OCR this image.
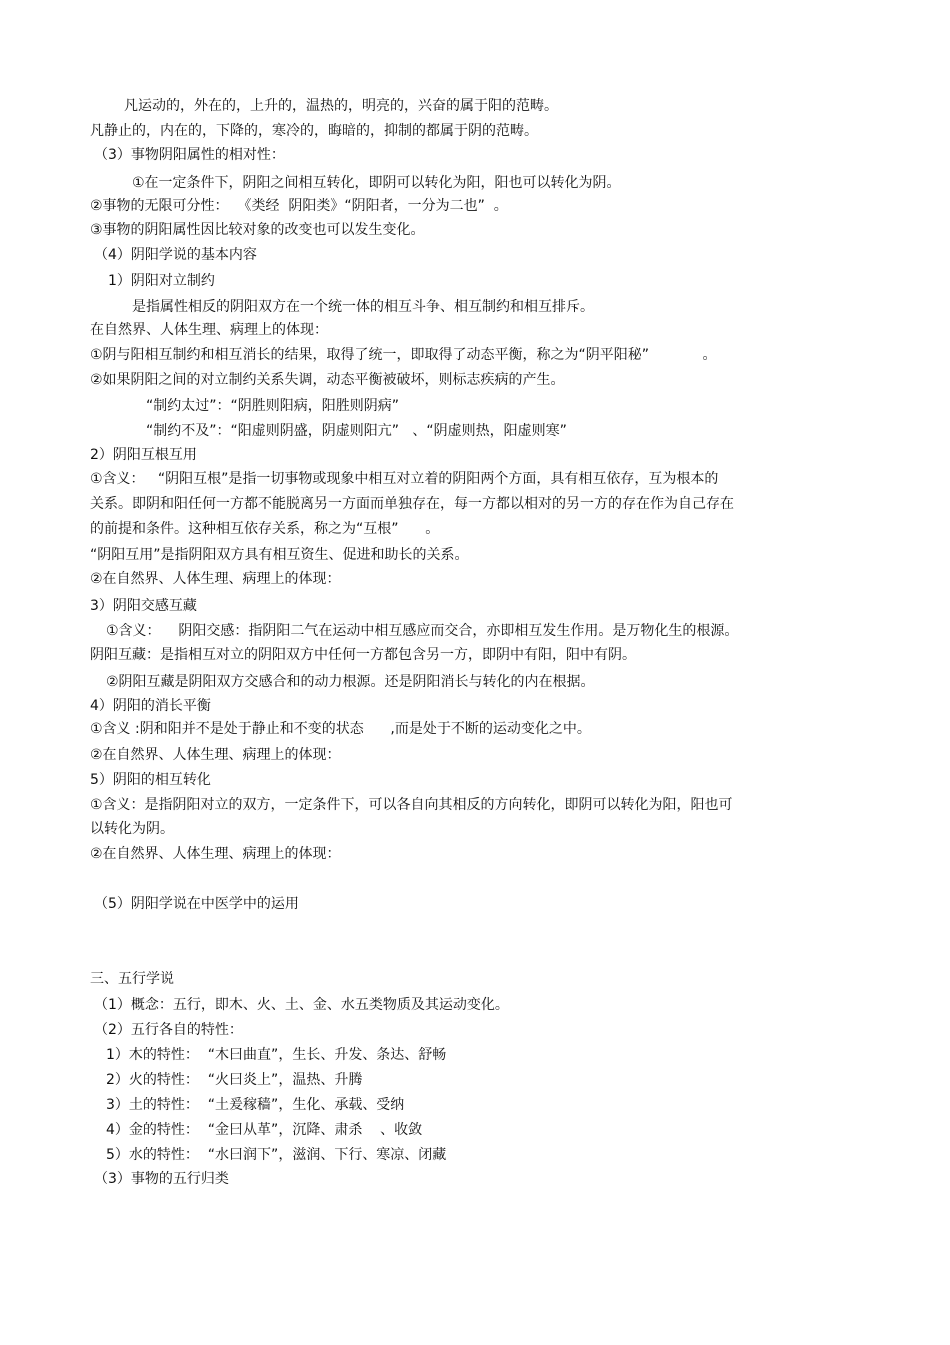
凡运动的，外在的，上升的，温热的，明亮的，兴奋的属于阳的范畴。
凡静止的，内在的，下降的，寒冷的，晦暗的，抑制的都属于阴的范畴。
（3）事物阴阳属性的相对性：
①在一定条件下，阴阳之间相互转化，即阴可以转化为阳，阳也可以转化为阴。
②事物的无限可分性：  《类经  阴阳类》“阴阳者，一分为二也”  。
③事物的阴阳属性因比较对象的改变也可以发生变化。
（4）阴阳学说的基本内容
1）阴阳对立制约
是指属性相反的阴阳双方在一个统一体的相互斗争、相互制约和相互排斥。
在自然界、人体生理、病理上的体现：
①阴与阳相互制约和相互消长的结果，取得了统一，即取得了动态平衡，称之为“阴平阳秘”            。
②如果阴阳之间的对立制约关系失调，动态平衡被破坏，则标志疾病的产生。
“制约太过”：“阴胜则阳病，阳胜则阴病”
“制约不及”：“阳虚则阴盛，阴虚则阳亢”   、“阴虚则热，阳虚则寒”
2）阴阳互根互用
①含义：   “阴阳互根”是指一切事物或现象中相互对立着的阴阳两个方面，具有相互依存，互为根本的
关系。即阴和阳任何一方都不能脱离另一方面而单独存在，每一方都以相对的另一方的存在作为自己存在
的前提和条件。这种相互依存关系，称之为“互根”      。
“阴阳互用”是指阴阳双方具有相互资生、促进和助长的关系。
②在自然界、人体生理、病理上的体现：
3）阴阳交感互藏
①含义：    阴阳交感：指阴阳二气在运动中相互感应而交合，亦即相互发生作用。是万物化生的根源。
阴阳互藏：是指相互对立的阴阳双方中任何一方都包含另一方，即阴中有阳，阳中有阴。
②阴阳互藏是阴阳双方交感合和的动力根源。还是阴阳消长与转化的内在根据。
4）阴阳的消长平衡
①含义 :阴和阳并不是处于静止和不变的状态      ,而是处于不断的运动变化之中。
②在自然界、人体生理、病理上的体现：
5）阴阳的相互转化
①含义：是指阴阳对立的双方，一定条件下，可以各自向其相反的方向转化，即阴可以转化为阳，阳也可
以转化为阴。
②在自然界、人体生理、病理上的体现：
（5）阴阳学说在中医学中的运用
三、五行学说
（1）概念：五行，即木、火、土、金、水五类物质及其运动变化。
（2）五行各自的特性：
1）木的特性：  “木曰曲直”，生长、升发、条达、舒畅
2）火的特性：  “火曰炎上”，温热、升腾
3）土的特性：  “土爰稼穑”，生化、承载、受纳
4）金的特性：  “金曰从革”，沉降、肃杀    、收敛
5）水的特性：  “水曰润下”，滋润、下行、寒凉、闭藏
（3）事物的五行归类
